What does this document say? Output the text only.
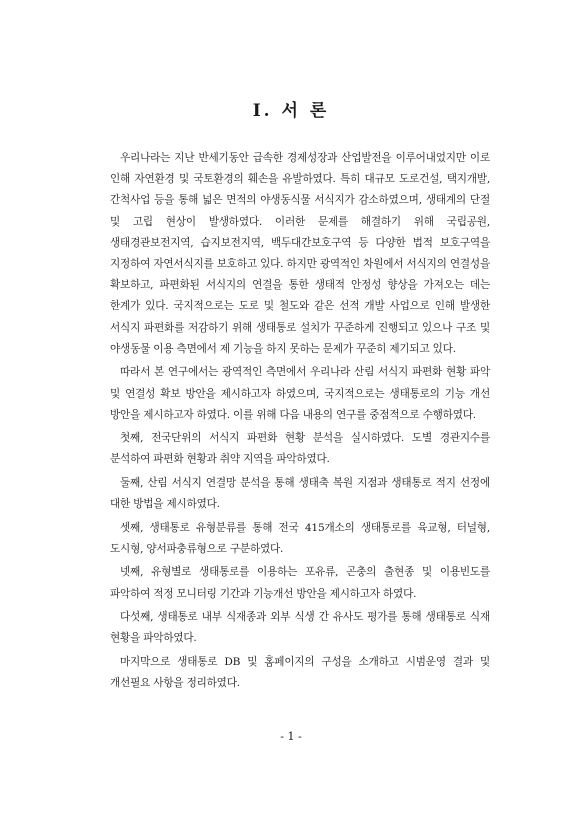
Ⅰ. 서 론

우리나라는 지난 반세기동안 급속한 경제성장과 산업발전을 이루어내었지만 이로 인해 자연환경 및 국토환경의 훼손을 유발하였다. 특히 대규모 도로건설, 택지개발, 간척사업 등을 통해 넓은 면적의 야생동식물 서식지가 감소하였으며, 생태계의 단절 및 고립 현상이 발생하였다. 이러한 문제를 해결하기 위해 국립공원, 생태경관보전지역, 습지보전지역, 백두대간보호구역 등 다양한 법적 보호구역을 지정하여 자연서식지를 보호하고 있다. 하지만 광역적인 차원에서 서식지의 연결성을 확보하고, 파편화된 서식지의 연결을 통한 생태적 안정성 향상을 가져오는 데는 한계가 있다. 국지적으로는 도로 및 철도와 같은 선적 개발 사업으로 인해 발생한 서식지 파편화를 저감하기 위해 생태통로 설치가 꾸준하게 진행되고 있으나 구조 및 야생동물 이용 측면에서 제 기능을 하지 못하는 문제가 꾸준히 제기되고 있다.

따라서 본 연구에서는 광역적인 측면에서 우리나라 산림 서식지 파편화 현황 파악 및 연결성 확보 방안을 제시하고자 하였으며, 국지적으로는 생태통로의 기능 개선 방안을 제시하고자 하였다. 이를 위해 다음 내용의 연구를 중점적으로 수행하였다.

첫째, 전국단위의 서식지 파편화 현황 분석을 실시하였다. 도별 경관지수를 분석하여 파편화 현황과 취약 지역을 파악하였다.

둘째, 산림 서식지 연결망 분석을 통해 생태축 복원 지점과 생태통로 적지 선정에 대한 방법을 제시하였다.

셋째, 생태통로 유형분류를 통해 전국 415개소의 생태통로를 육교형, 터널형, 도시형, 양서파충류형으로 구분하였다.

넷째, 유형별로 생태통로를 이용하는 포유류, 곤충의 출현종 및 이용빈도를 파악하여 적정 모니터링 기간과 기능개선 방안을 제시하고자 하였다.

다섯째, 생태통로 내부 식재종과 외부 식생 간 유사도 평가를 통해 생태통로 식재 현황을 파악하였다.

마지막으로 생태통로 DB 및 홈페이지의 구성을 소개하고 시범운영 결과 및 개선필요 사항을 정리하였다.

- 1 -
